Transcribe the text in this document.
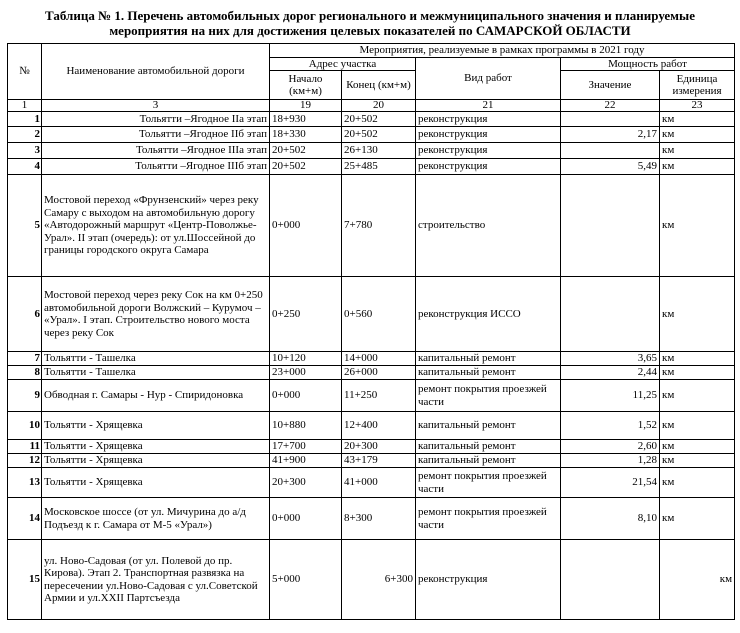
Таблица № 1. Перечень автомобильных дорог регионального и межмуниципального значения и планируемые
мероприятия на них для достижения целевых показателей по САМАРСКОЙ ОБЛАСТИ
№	Наименование автомобильной дороги	Мероприятия, реализуемые в рамках программы в 2021 году				
		Адрес участка		Вид работ	Мощность работ	
		Начало (км+м)	Конец (км+м)		Значение	Единица измерения
1	3	19	20	21	22	23
1	Тольятти –Ягодное IIа этап	18+930	20+502	реконструкция		км
2	Тольятти –Ягодное IIб этап	18+330	20+502	реконструкция	2,17	км
3	Тольятти –Ягодное IIIа этап	20+502	26+130	реконструкция		км
4	Тольятти –Ягодное IIIб этап	20+502	25+485	реконструкция	5,49	км
5	Мостовой переход «Фрунзенский» через реку Самару с выходом на автомобильную дорогу «Автодорожный маршрут «Центр-Поволжье-Урал». II этап (очередь): от ул.Шоссейной до границы городского округа Самара	0+000	7+780	строительство		км
6	Мостовой переход через реку Сок на км 0+250 автомобильной дороги Волжский – Курумоч – «Урал». I этап. Строительство нового моста через реку Сок	0+250	0+560	реконструкция ИССО		км
7	Тольятти - Ташелка	10+120	14+000	капитальный ремонт	3,65	км
8	Тольятти - Ташелка	23+000	26+000	капитальный ремонт	2,44	км
9	Обводная г. Самары - Нур - Спиридоновка	0+000	11+250	ремонт покрытия проезжей части	11,25	км
10	Тольятти - Хрящевка	10+880	12+400	капитальный ремонт	1,52	км
11	Тольятти - Хрящевка	17+700	20+300	капитальный ремонт	2,60	км
12	Тольятти - Хрящевка	41+900	43+179	капитальный ремонт	1,28	км
13	Тольятти - Хрящевка	20+300	41+000	ремонт покрытия проезжей части	21,54	км
14	Московское шоссе (от ул. Мичурина до а/д Подъезд к г. Самара от М-5 «Урал»)	0+000	8+300	ремонт покрытия проезжей части	8,10	км
15	ул. Ново-Садовая (от ул. Полевой до пр. Кирова). Этап 2. Транспортная развязка на пересечении ул.Ново-Садовая с ул.Советской Армии и ул.XXII Партсъезда	5+000	6+300	реконструкция		км
